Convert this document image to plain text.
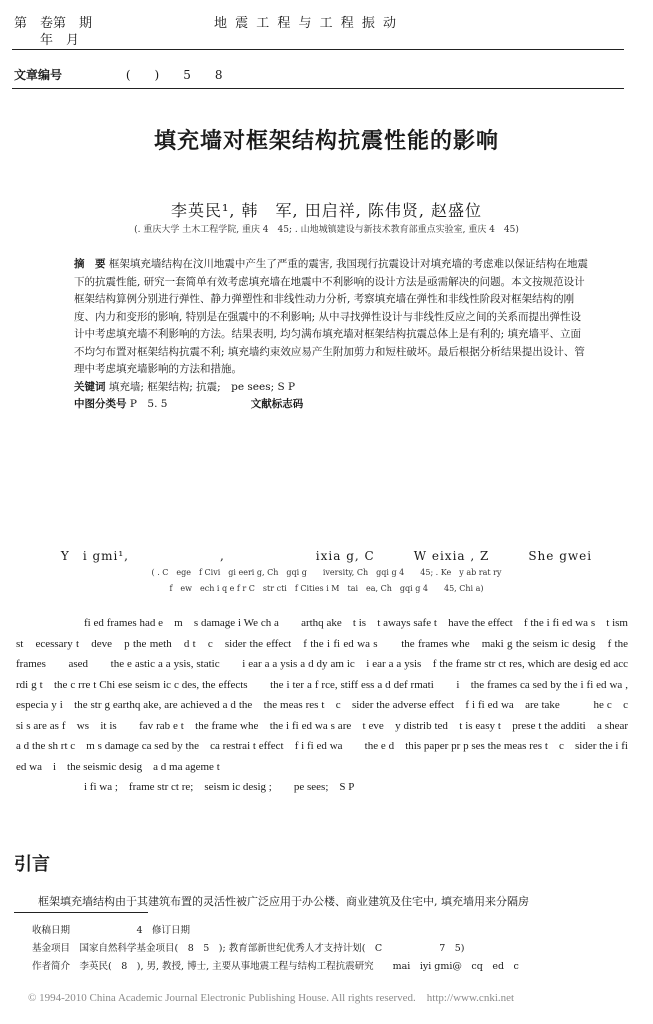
第　卷第　期
年　月
地 震 工 程 与 工 程 振 动
文章编号	(　　)　　5　　8
填充墙对框架结构抗震性能的影响
李英民¹, 韩　军, 田启祥, 陈伟贤, 赵盛位
(. 重庆大学 土木工程学院, 重庆 4　45; . 山地城镇建设与新技术教育部重点实验室, 重庆 4　45)

摘　要 框架填充墙结构在汶川地震中产生了严重的震害, 我国现行抗震设计对填充墙的考虑难以保证结构在地震下的抗震性能, 研究一套简单有效考虑填充墙在地震中不利影响的设计方法是亟需解决的问题。本文按规范设计框架结构算例分别进行弹性、静力弹塑性和非线性动力分析, 考察填充墙在弹性和非线性阶段对框架结构的刚度、内力和变形的影响, 特别是在强震中的不利影响; 从中寻找弹性设计与非线性反应之间的关系而提出弹性设计中考虑填充墙不利影响的方法。结果表明, 均匀满布填充墙对框架结构抗震总体上是有利的; 填充墙平、立面不均匀布置对框架结构抗震不利; 填充墙约束效应易产生附加剪力和短柱破坏。最后根据分析结果提出设计、管理中考虑填充墙影响的方法和措施。

关键词 填充墙; 框架结构; 抗震;　pe sees; S P

中图分类号 P　5. 5	文献标志码

Y　i gmi¹,　　　　　　　,　　　　　　　ixia g, C　　　W eixia , Z　　　She gwei
( . C　ege　f Civi　gi eeri g, Ch　gqi g　　iversity, Ch　gqi g 4　　45; . Ke　y ab rat ry
f　ew　ech i q e f r C　str cti　f Cities i M　tai　ea, Ch　gqi g 4　　45, Chi a)

fi ed frames had e　m　s damage i We ch a　　arthq ake　t is　t aways safe t　have the effect　f the i fi ed wa s　t ism　st　ecessary t　deve　p the meth　d t　c　sider the effect　f the i fi ed wa s　　the frames whe　maki g the seism ic desig　f the frames　　ased　　the e astic a a ysis, static　　i ear a a ysis a d dy am ic　i ear a a ysis　f the frame str ct res, which are desig ed acc rdi g t　the c rre t Chi ese seism ic c des, the effects　　the i ter a f rce, stiff ess a d def rmati　　i　the frames ca sed by the i fi ed wa , especia y i　the str g earthq ake, are achieved a d the　the meas res t　c　sider the adverse effect　f i fi ed wa　are take　　　he c　c si s are as f　ws　it is　　fav rab e t　the frame whe　the i fi ed wa s are　t eve　y distrib ted　t is easy t　prese t the additi　a shear a d the sh rt c　m s damage ca sed by the　ca restrai t effect　f i fi ed wa　　the e d　this paper pr p ses the meas res t　c　sider the i fi ed wa　i　the seismic desig　a d ma ageme t

i fi wa ;　frame str ct re;　seism ic desig ;　　pe sees;　S P

引言
框架填充墙结构由于其建筑布置的灵活性被广泛应用于办公楼、商业建筑及住宅中, 填充墙用来分隔房
收稿日期　　　　　　　4　修订日期
基金项目　国家自然科学基金项目(　8　5　); 教育部新世纪优秀人才支持计划(　C　　　　　　7　5)
作者简介　李英民(　8　), 男, 教授, 博士, 主要从事地震工程与结构工程抗震研究　　mai　iyi gmi@　cq　ed　c
© 1994-2010 China Academic Journal Electronic Publishing House. All rights reserved.　http://www.cnki.net
